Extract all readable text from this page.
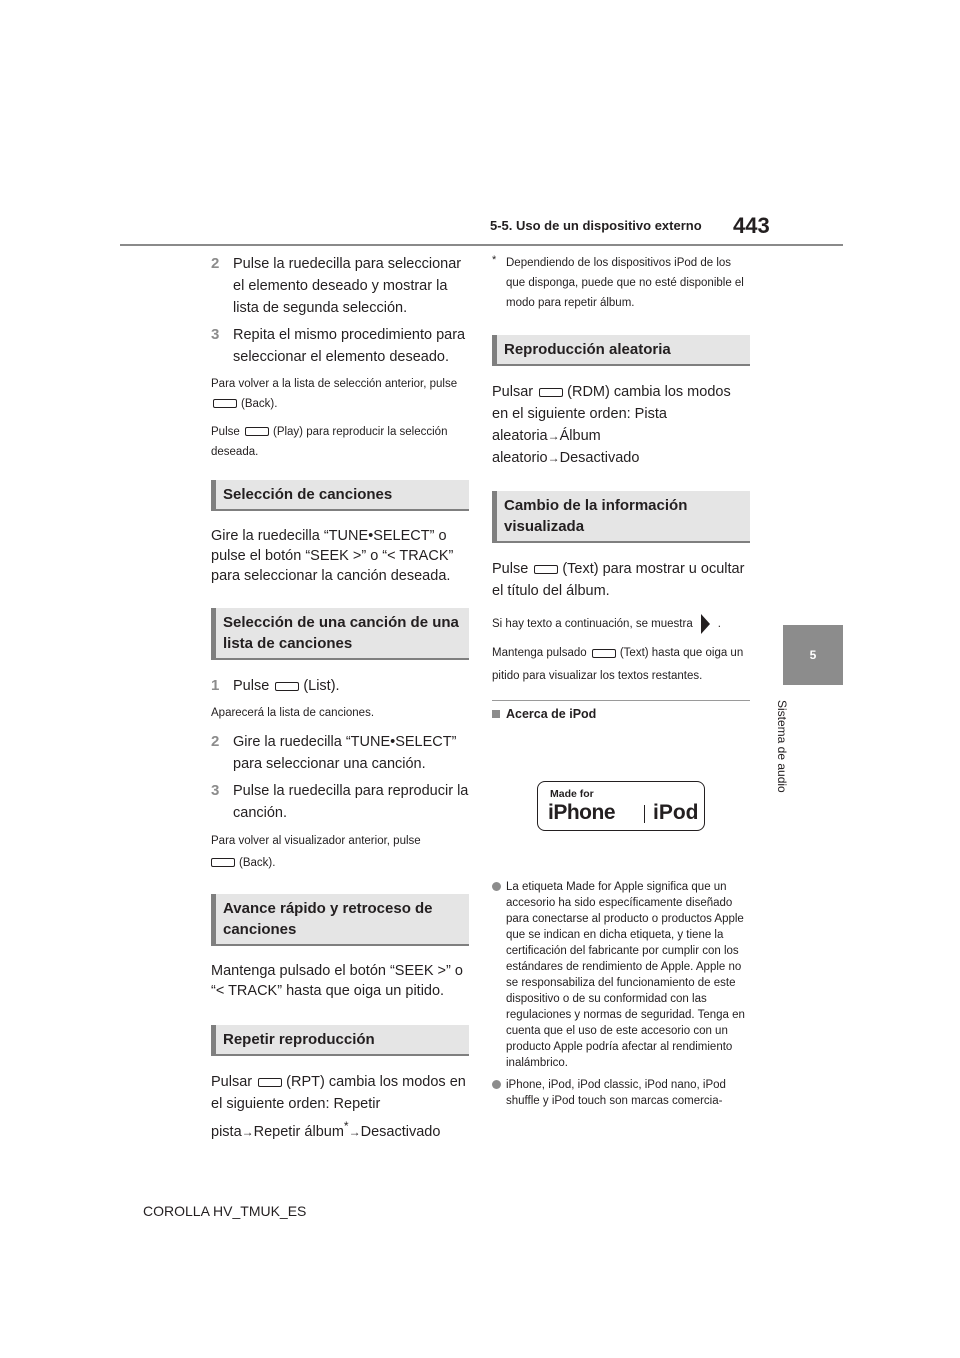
5-5. Uso de un dispositivo externo 443
5
Sistema de audio
2 Pulse la ruedecilla para seleccionar el elemento deseado y mostrar la lista de segunda selección.
3 Repita el mismo procedimiento para seleccionar el elemento deseado.
Para volver a la lista de selección anterior, pulse (Back).
Pulse	(Play) para reproducir la selección deseada.
Selección de canciones
Gire la ruedecilla “TUNE•SELECT” o pulse el botón “SEEK >” o “< TRACK” para seleccionar la canción deseada.
Selección de una canción de una lista de canciones
1 Pulse (List).
Aparecerá la lista de canciones.
2 Gire la ruedecilla “TUNE•SELECT” para seleccionar una canción.
3 Pulse la ruedecilla para reproducir la canción.
Para volver al visualizador anterior, pulse
(Back).
Avance rápido y retroceso de canciones
Mantenga pulsado el botón “SEEK >” o “< TRACK” hasta que oiga un pitido.
Repetir reproducción
Pulsar (RPT) cambia los modos en el siguiente orden: Repetir pista→Repetir álbum*→Desactivado
* Dependiendo de los dispositivos iPod de los que disponga, puede que no esté disponible el modo para repetir álbum.
Reproducción aleatoria
Pulsar (RDM) cambia los modos en el siguiente orden: Pista aleatoria→Álbum aleatorio→Desactivado
Cambio de la información visualizada
Pulse (Text) para mostrar u ocultar el título del álbum.
Si hay texto a continuación, se muestra .
Mantenga pulsado	(Text) hasta que oiga un pitido para visualizar los textos restantes.
Acerca de iPod
Made for
iPhone iPod
La etiqueta Made for Apple significa que un accesorio ha sido específicamente diseñado para conectarse al producto o productos Apple que se indican en dicha etiqueta, y tiene la certificación del fabricante por cumplir con los estándares de rendimiento de Apple. Apple no se responsabiliza del funcionamiento de este dispositivo o de su conformidad con las regulaciones y normas de seguridad. Tenga en cuenta que el uso de este accesorio con un producto Apple podría afectar al rendimiento inalámbrico.
iPhone, iPod, iPod classic, iPod nano, iPod shuffle y iPod touch son marcas comercia-
COROLLA HV_TMUK_ES
